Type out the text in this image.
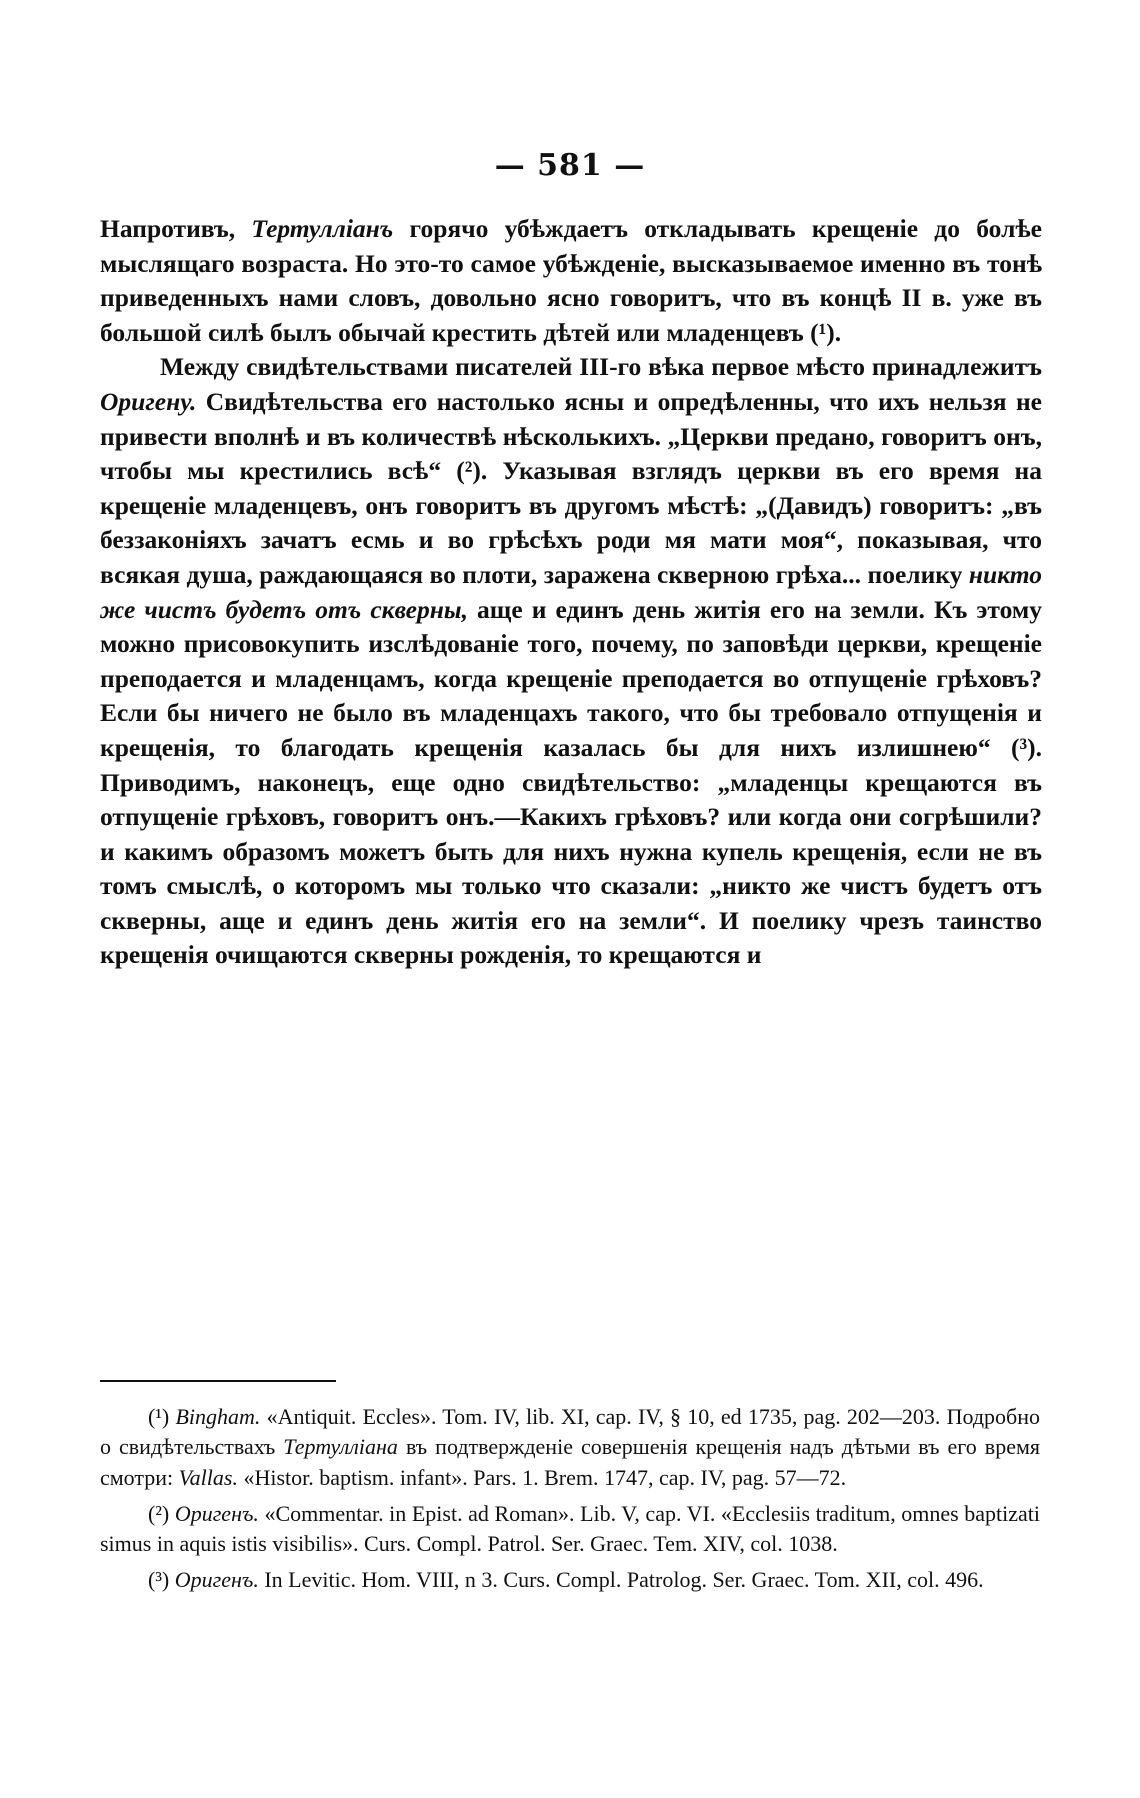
— 581 —

Напротивъ, Тертулліанъ горячо убѣждаетъ откладывать крещеніе до болѣе мыслящаго возраста. Но это-то самое убѣжденіе, высказываемое именно въ тонѣ приведенныхъ нами словъ, довольно ясно говоритъ, что въ концѣ II в. уже въ большой силѣ былъ обычай крестить дѣтей или младенцевъ (¹).

Между свидѣтельствами писателей III-го вѣка первое мѣсто принадлежитъ Оригену. Свидѣтельства его настолько ясны и опредѣленны, что ихъ нельзя не привести вполнѣ и въ количествѣ нѣсколькихъ. „Церкви предано, говоритъ онъ, чтобы мы крестились всѣ“ (²). Указывая взглядъ церкви въ его время на крещеніе младенцевъ, онъ говоритъ въ другомъ мѣстѣ: „(Давидъ) говоритъ: „въ беззаконіяхъ зачатъ есмь и во грѣсѣхъ роди мя мати моя“, показывая, что всякая душа, раждающаяся во плоти, заражена скверною грѣха... поелику никто же чистъ будетъ отъ скверны, аще и единъ день житія его на земли. Къ этому можно присовокупить изслѣдованіе того, почему, по заповѣди церкви, крещеніе преподается и младенцамъ, когда крещеніе преподается во отпущеніе грѣховъ? Если бы ничего не было въ младенцахъ такого, что бы требовало отпущенія и крещенія, то благодать крещенія казалась бы для нихъ излишнею“ (³). Приводимъ, наконецъ, еще одно свидѣтельство: „младенцы крещаются въ отпущеніе грѣховъ, говоритъ онъ.—Какихъ грѣховъ? или когда они согрѣшили? и какимъ образомъ можетъ быть для нихъ нужна купель крещенія, если не въ томъ смыслѣ, о которомъ мы только что сказали: „никто же чистъ будетъ отъ скверны, аще и единъ день житія его на земли“. И поелику чрезъ таинство крещенія очищаются скверны рожденія, то крещаются и

(¹) Bingham. «Antiquit. Eccles». Tom. IV, lib. XI, cap. IV, § 10, ed 1735, pag. 202—203. Подробно о свидѣтельствахъ Тертулліана въ подтвержденіе совершенія крещенія надъ дѣтьми въ его время смотри: Vallas. «Histor. baptism. infant». Pars. 1. Brem. 1747, cap. IV, pag. 57—72.

(²) Оригенъ. «Commentar. in Epist. ad Roman». Lib. V, cap. VI. «Ecclesiis traditum, omnes baptizati simus in aquis istis visibilis». Curs. Compl. Patrol. Ser. Graec. Tem. XIV, col. 1038.

(³) Оригенъ. In Levitic. Hom. VIII, n 3. Curs. Compl. Patrolog. Ser. Graec. Tom. XII, col. 496.
